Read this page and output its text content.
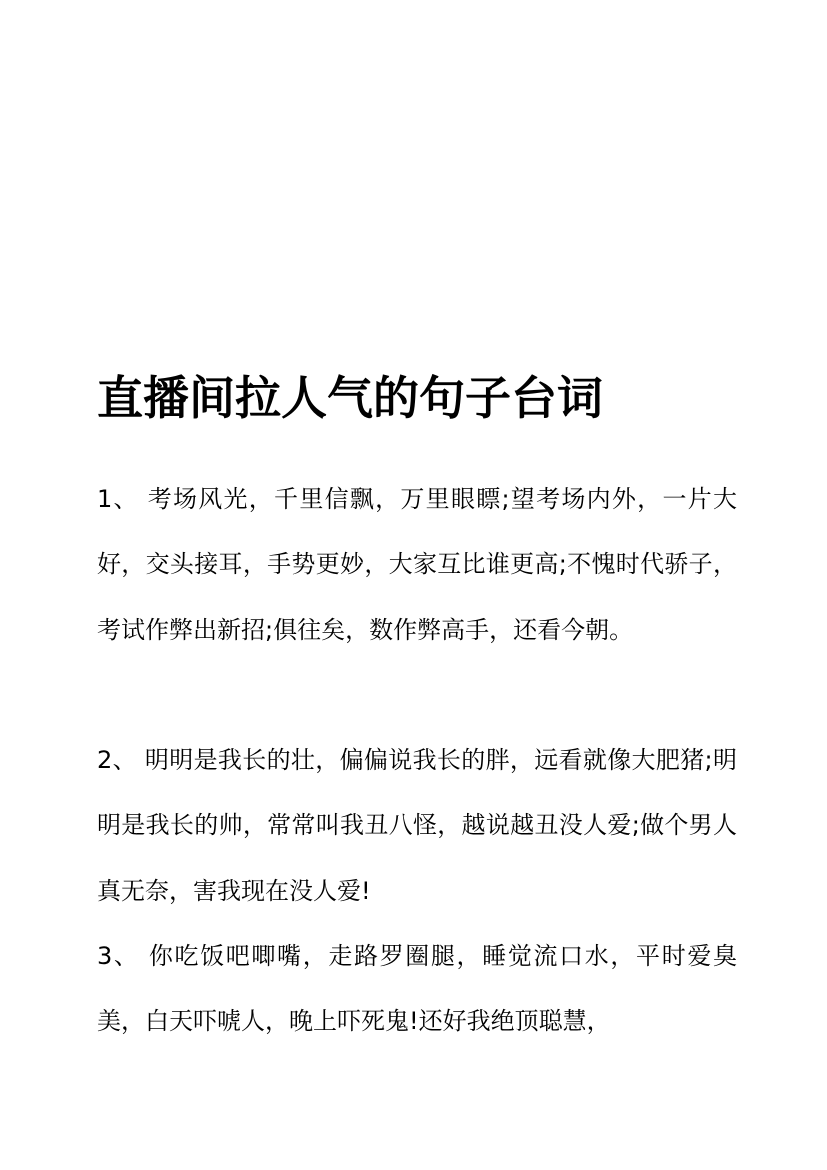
直播间拉人气的句子台词
1、 考场风光，千里信飘，万里眼瞟;望考场内外，一片大好，交头接耳，手势更妙，大家互比谁更高;不愧时代骄子，考试作弊出新招;俱往矣，数作弊高手，还看今朝。
2、 明明是我长的壮，偏偏说我长的胖，远看就像大肥猪;明明是我长的帅，常常叫我丑八怪，越说越丑没人爱;做个男人真无奈，害我现在没人爱!
3、 你吃饭吧唧嘴，走路罗圈腿，睡觉流口水，平时爱臭美，白天吓唬人，晚上吓死鬼!还好我绝顶聪慧，
